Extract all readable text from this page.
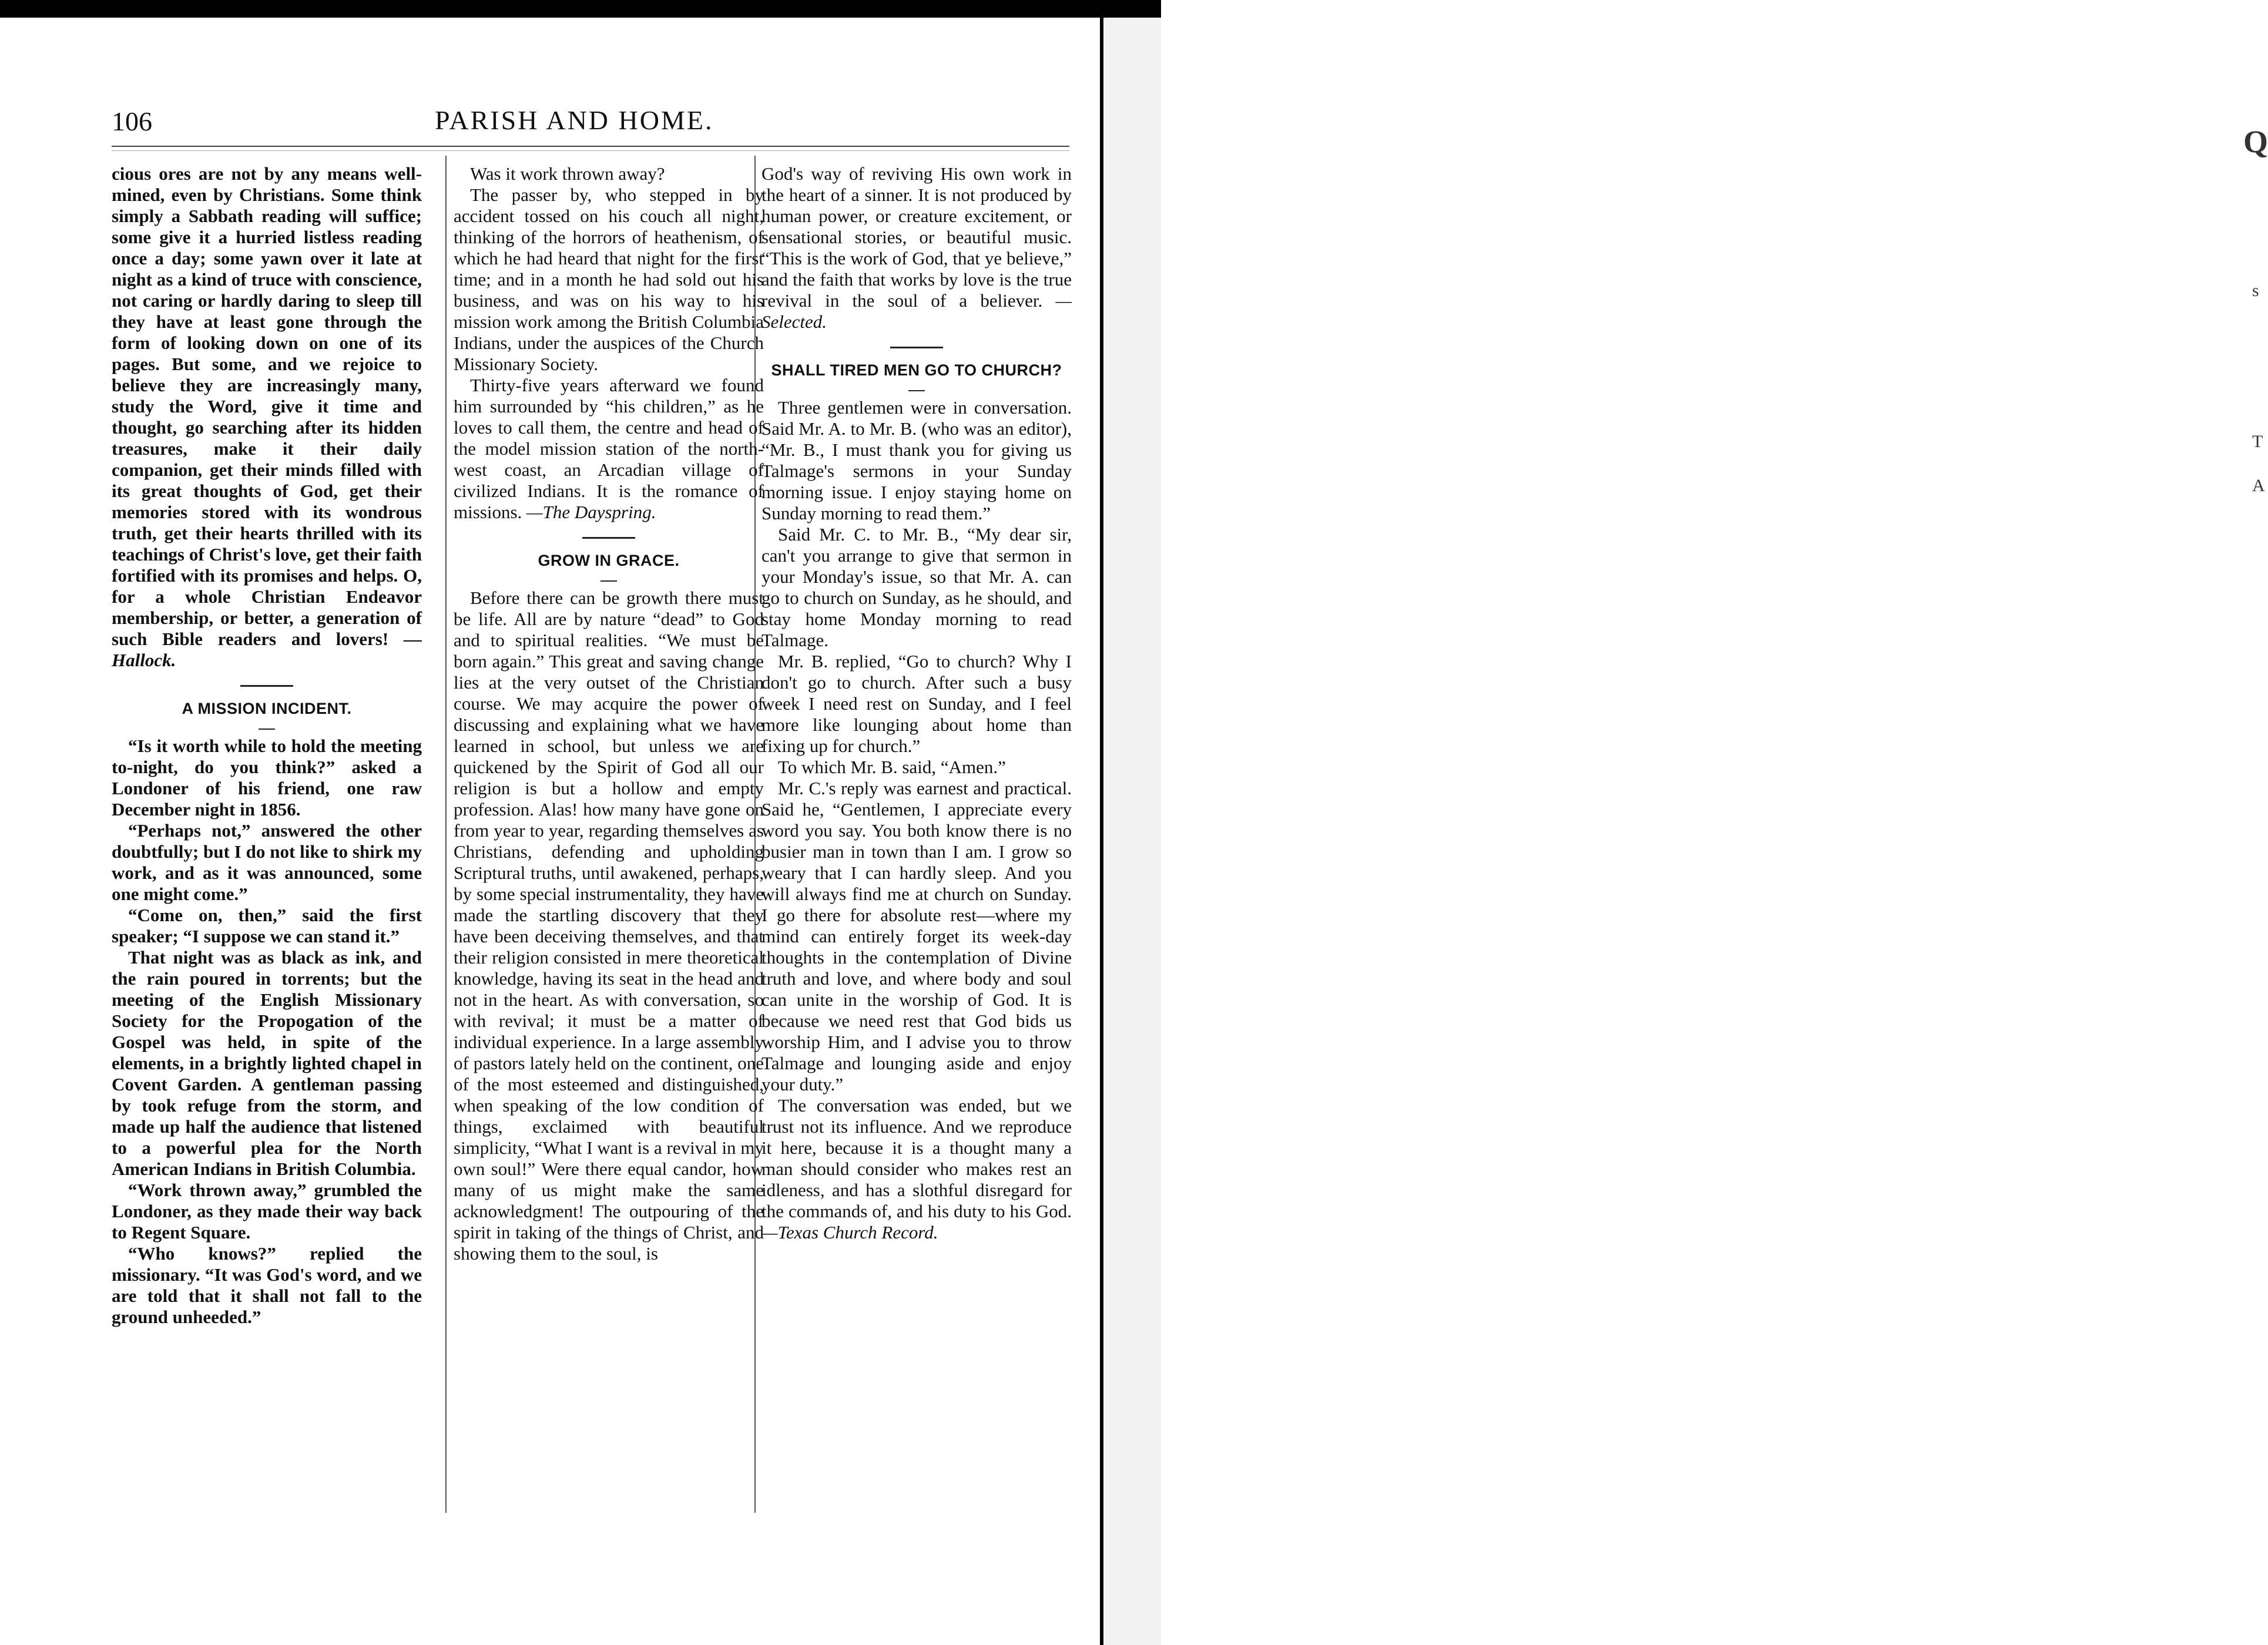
Q
s
T
A
106	PARISH AND HOME.

cious ores are not by any means well-mined, even by Christians. Some think simply a Sabbath reading will suffice; some give it a hurried listless reading once a day; some yawn over it late at night as a kind of truce with conscience, not caring or hardly daring to sleep till they have at least gone through the form of looking down on one of its pages. But some, and we rejoice to believe they are increasingly many, study the Word, give it time and thought, go searching after its hidden treasures, make it their daily companion, get their minds filled with its great thoughts of God, get their memories stored with its wondrous truth, get their hearts thrilled with its teachings of Christ's love, get their faith fortified with its promises and helps. O, for a whole Christian Endeavor membership, or better, a generation of such Bible readers and lovers! —Hallock.

A MISSION INCIDENT.

“Is it worth while to hold the meeting to-night, do you think?” asked a Londoner of his friend, one raw December night in 1856.

“Perhaps not,” answered the other doubtfully; but I do not like to shirk my work, and as it was announced, some one might come.”

“Come on, then,” said the first speaker; “I suppose we can stand it.”

That night was as black as ink, and the rain poured in torrents; but the meeting of the English Missionary Society for the Propogation of the Gospel was held, in spite of the elements, in a brightly lighted chapel in Covent Garden. A gentleman passing by took refuge from the storm, and made up half the audience that listened to a powerful plea for the North American Indians in British Columbia.

“Work thrown away,” grumbled the Londoner, as they made their way back to Regent Square.

“Who knows?” replied the missionary. “It was God's word, and we are told that it shall not fall to the ground unheeded.”

Was it work thrown away?

The passer by, who stepped in by accident tossed on his couch all night, thinking of the horrors of heathenism, of which he had heard that night for the first time; and in a month he had sold out his business, and was on his way to his mission work among the British Columbia Indians, under the auspices of the Church Missionary Society.

Thirty-five years afterward we found him surrounded by “his children,” as he loves to call them, the centre and head of the model mission station of the north-west coast, an Arcadian village of civilized Indians. It is the romance of missions. —The Dayspring.

GROW IN GRACE.

Before there can be growth there must be life. All are by nature “dead” to God and to spiritual realities. “We must be born again.” This great and saving change lies at the very outset of the Christian course. We may acquire the power of discussing and explaining what we have learned in school, but unless we are quickened by the Spirit of God all our religion is but a hollow and empty profession. Alas! how many have gone on from year to year, regarding themselves as Christians, defending and upholding Scriptural truths, until awakened, perhaps, by some special instrumentality, they have made the startling discovery that they have been deceiving themselves, and that their religion consisted in mere theoretical knowledge, having its seat in the head and not in the heart. As with conversation, so with revival; it must be a matter of individual experience. In a large assembly of pastors lately held on the continent, one of the most esteemed and distinguished, when speaking of the low condition of things, exclaimed with beautiful simplicity, “What I want is a revival in my own soul!” Were there equal candor, how many of us might make the same acknowledgment! The outpouring of the spirit in taking of the things of Christ, and showing them to the soul, is

God's way of reviving His own work in the heart of a sinner. It is not produced by human power, or creature excitement, or sensational stories, or beautiful music. “This is the work of God, that ye believe,” and the faith that works by love is the true revival in the soul of a believer. —Selected.

SHALL TIRED MEN GO TO CHURCH?

Three gentlemen were in conversation. Said Mr. A. to Mr. B. (who was an editor), “Mr. B., I must thank you for giving us Talmage's sermons in your Sunday morning issue. I enjoy staying home on Sunday morning to read them.”

Said Mr. C. to Mr. B., “My dear sir, can't you arrange to give that sermon in your Monday's issue, so that Mr. A. can go to church on Sunday, as he should, and stay home Monday morning to read Talmage.

Mr. B. replied, “Go to church? Why I don't go to church. After such a busy week I need rest on Sunday, and I feel more like lounging about home than fixing up for church.”

To which Mr. B. said, “Amen.”

Mr. C.'s reply was earnest and practical. Said he, “Gentlemen, I appreciate every word you say. You both know there is no busier man in town than I am. I grow so weary that I can hardly sleep. And you will always find me at church on Sunday. I go there for absolute rest—where my mind can entirely forget its week-day thoughts in the contemplation of Divine truth and love, and where body and soul can unite in the worship of God. It is because we need rest that God bids us worship Him, and I advise you to throw Talmage and lounging aside and enjoy your duty.”

The conversation was ended, but we trust not its influence. And we reproduce it here, because it is a thought many a man should consider who makes rest an idleness, and has a slothful disregard for the commands of, and his duty to his God. —Texas Church Record.
